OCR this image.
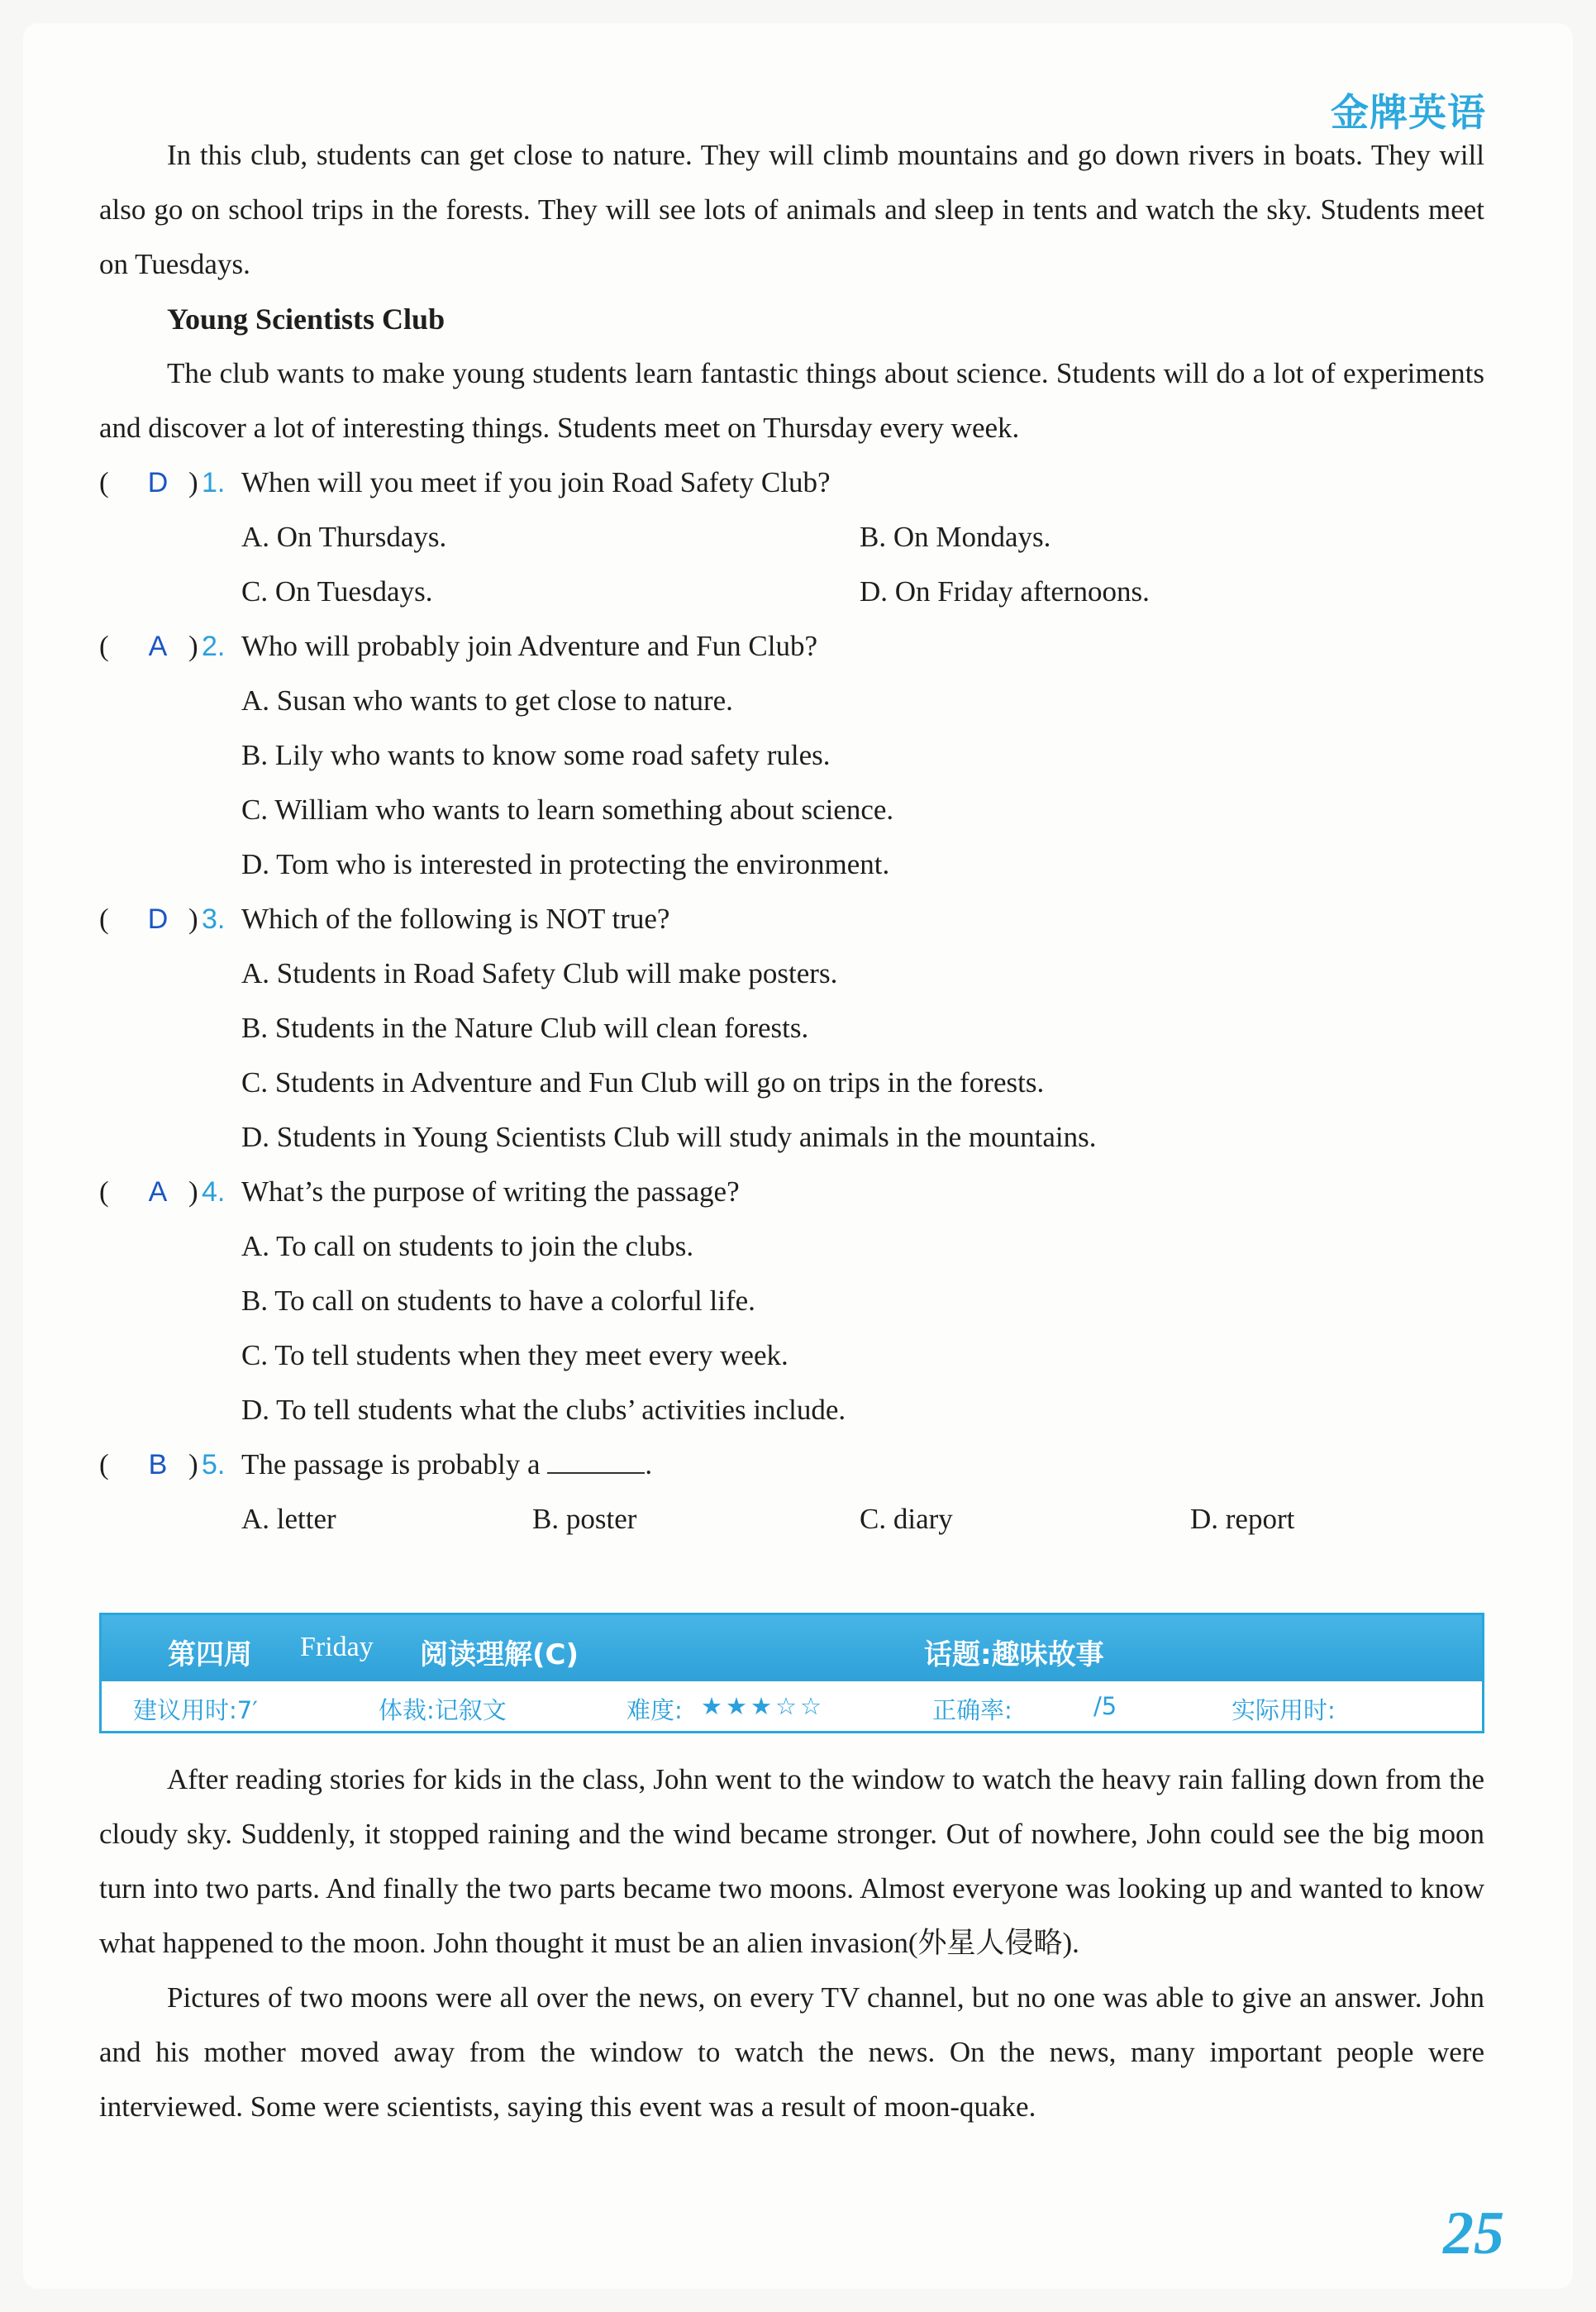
金牌英语

In this club, students can get close to nature. They will climb mountains and go down rivers in boats. They will also go on school trips in the forests. They will see lots of animals and sleep in tents and watch the sky. Students meet on Tuesdays.

Young Scientists Club

The club wants to make young students learn fantastic things about science. Students will do a lot of experiments and discover a lot of interesting things. Students meet on Thursday every week.

(	D ) 1. When will you meet if you join Road Safety Club?
A. On Thursdays.	B. On Mondays.
C. On Tuesdays.	D. On Friday afternoons.
(	A ) 2. Who will probably join Adventure and Fun Club?
A. Susan who wants to get close to nature.
B. Lily who wants to know some road safety rules.
C. William who wants to learn something about science.
D. Tom who is interested in protecting the environment.
(	D ) 3. Which of the following is NOT true?
A. Students in Road Safety Club will make posters.
B. Students in the Nature Club will clean forests.
C. Students in Adventure and Fun Club will go on trips in the forests.
D. Students in Young Scientists Club will study animals in the mountains.
(	A ) 4. What’s the purpose of writing the passage?
A. To call on students to join the clubs.
B. To call on students to have a colorful life.
C. To tell students when they meet every week.
D. To tell students what the clubs’ activities include.
(	B ) 5. The passage is probably a	.
A. letter	B. poster	C. diary	D. report
第四周 Friday 阅读理解(C)	话题:趣味故事
建议用时:7′	体裁:记叙文	难度: ★★★☆☆	正确率:	/5	实际用时:

After reading stories for kids in the class, John went to the window to watch the heavy rain falling down from the cloudy sky. Suddenly, it stopped raining and the wind became stronger. Out of nowhere, John could see the big moon turn into two parts. And finally the two parts became two moons. Almost everyone was looking up and wanted to know what happened to the moon. John thought it must be an alien invasion(外星人侵略).

Pictures of two moons were all over the news, on every TV channel, but no one was able to give an answer. John and his mother moved away from the window to watch the news. On the news, many important people were interviewed. Some were scientists, saying this event was a result of moon-quake.

25
